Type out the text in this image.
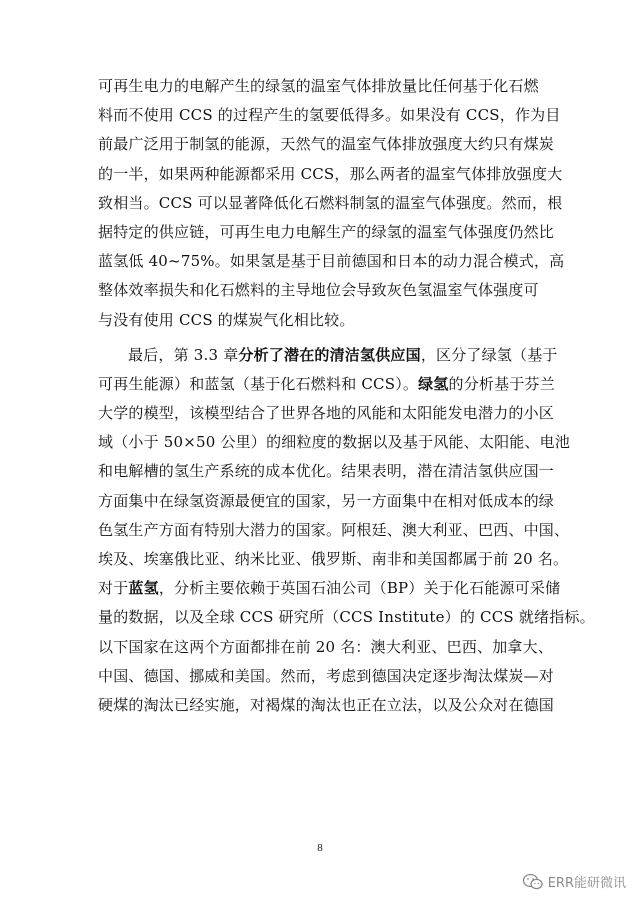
可再生电力的电解产生的绿氢的温室气体排放量比任何基于化石燃
料而不使用 CCS 的过程产生的氢要低得多。如果没有 CCS，作为目
前最广泛用于制氢的能源，天然气的温室气体排放强度大约只有煤炭
的一半，如果两种能源都采用 CCS，那么两者的温室气体排放强度大
致相当。CCS 可以显著降低化石燃料制氢的温室气体强度。然而，根
据特定的供应链，可再生电力电解生产的绿氢的温室气体强度仍然比
蓝氢低 40~75%。如果氢是基于目前德国和日本的动力混合模式，高
整体效率损失和化石燃料的主导地位会导致灰色氢温室气体强度可
与没有使用 CCS 的煤炭气化相比较。
最后，第 3.3 章分析了潜在的清洁氢供应国，区分了绿氢（基于
可再生能源）和蓝氢（基于化石燃料和 CCS）。绿氢的分析基于芬兰
大学的模型，该模型结合了世界各地的风能和太阳能发电潜力的小区
域（小于 50×50 公里）的细粒度的数据以及基于风能、太阳能、电池
和电解槽的氢生产系统的成本优化。结果表明，潜在清洁氢供应国一
方面集中在绿氢资源最便宜的国家，另一方面集中在相对低成本的绿
色氢生产方面有特别大潜力的国家。阿根廷、澳大利亚、巴西、中国、
埃及、埃塞俄比亚、纳米比亚、俄罗斯、南非和美国都属于前 20 名。
对于蓝氢，分析主要依赖于英国石油公司（BP）关于化石能源可采储
量的数据，以及全球 CCS 研究所（CCS Institute）的 CCS 就绪指标。
以下国家在这两个方面都排在前 20 名：澳大利亚、巴西、加拿大、
中国、德国、挪威和美国。然而，考虑到德国决定逐步淘汰煤炭—对
硬煤的淘汰已经实施，对褐煤的淘汰也正在立法，以及公众对在德国
8
ERR能研微讯
